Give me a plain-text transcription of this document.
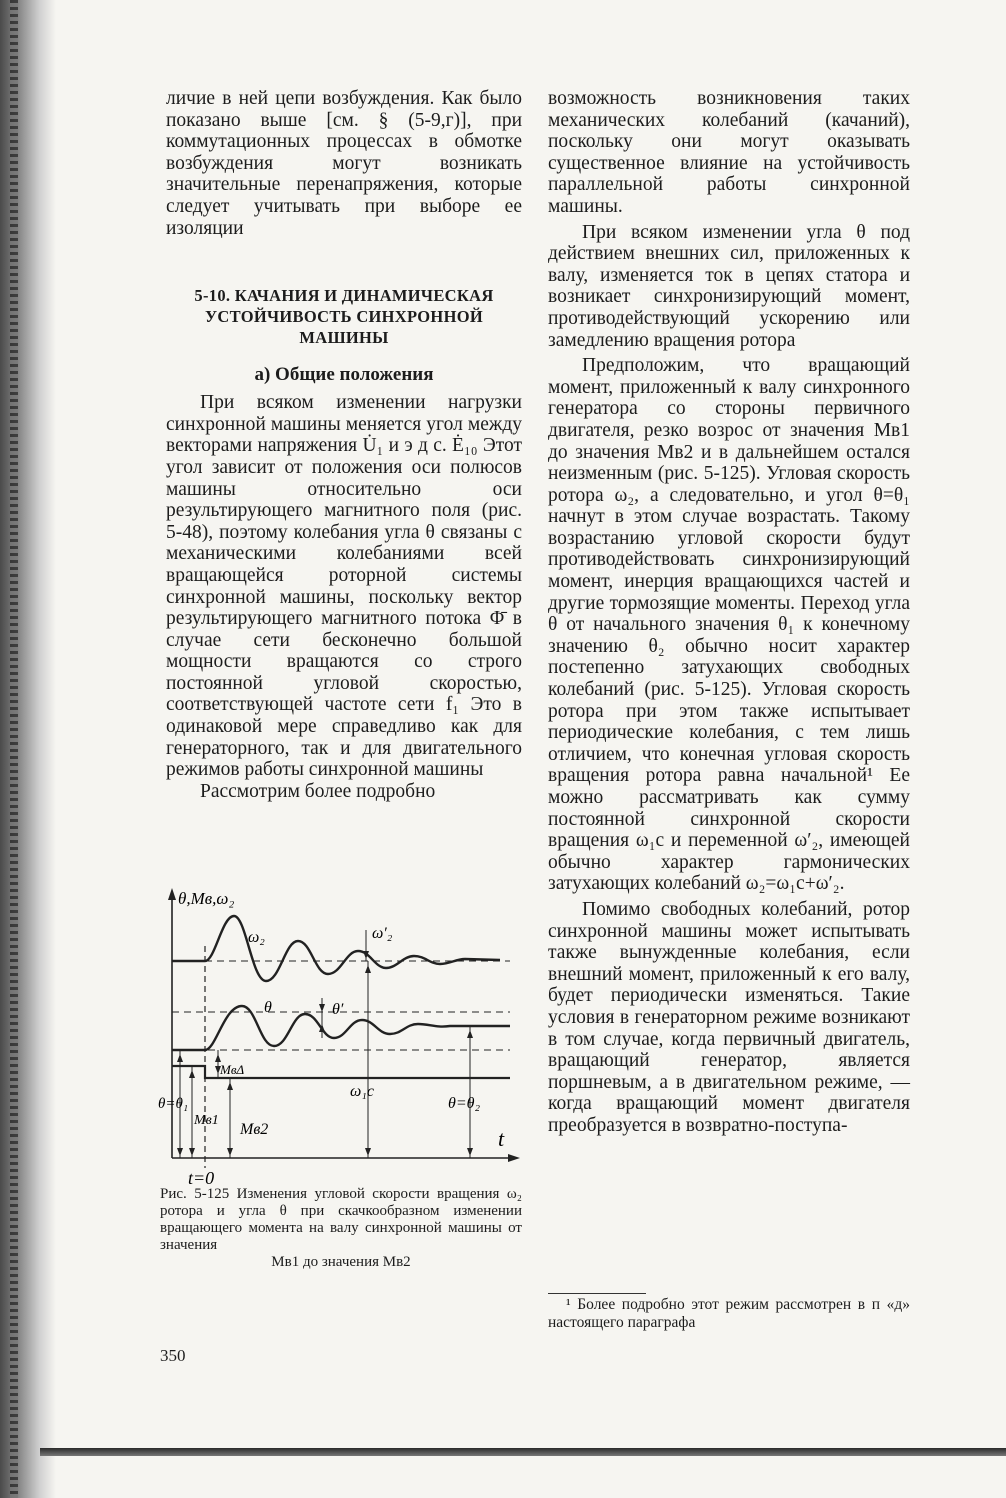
личие в ней цепи возбуждения. Как было показано выше [см. § (5-9,г)], при коммутационных процессах в обмотке возбуждения могут возникать значительные перенапряжения, которые следует учитывать при выборе ее изоляции

5-10. КАЧАНИЯ И ДИНАМИЧЕСКАЯ
УСТОЙЧИВОСТЬ СИНХРОННОЙ
МАШИНЫ
а) Общие положения

При всяком изменении нагрузки синхронной машины меняется угол между векторами напряжения U̇₁ и э д с. Ė₁₀ Этот угол зависит от положения оси полюсов машины относительно оси результирующего магнитного поля (рис. 5-48), поэтому колебания угла θ связаны с механическими колебаниями всей вращающейся роторной системы синхронной машины, поскольку вектор результирующего магнитного потока Φ̄ в случае сети бесконечно большой мощности вращаются со строго постоянной угловой скоростью, соответствующей частоте сети f₁ Это в одинаковой мере справедливо как для генераторного, так и для двигательного режимов работы синхронной машины

Рассмотрим более подробно

θ,Mв,ω₂
t
t=0
ω₂	ω′₂
θ	θ′
MвΔ
ω₁с
θ=θ₁	θ=θ₂
Mв1
Mв2
Рис. 5-125 Изменения угловой скорости вращения ω₂ ротора и угла θ при скачкообразном изменении вращающего момента на валу синхронной машины от значения
Mв1 до значения Mв2

возможность возникновения таких механических колебаний (качаний), поскольку они могут оказывать существенное влияние на устойчивость параллельной работы синхронной машины.

При всяком изменении угла θ под действием внешних сил, приложенных к валу, изменяется ток в цепях статора и возникает синхронизирующий момент, противодействующий ускорению или замедлению вращения ротора

Предположим, что вращающий момент, приложенный к валу синхронного генератора со стороны первичного двигателя, резко возрос от значения Mв1 до значения Mв2 и в дальнейшем остался неизменным (рис. 5-125). Угловая скорость ротора ω₂, а следовательно, и угол θ=θ₁ начнут в этом случае возрастать. Такому возрастанию угловой скорости будут противодействовать синхронизирующий момент, инерция вращающихся частей и другие тормозящие моменты. Переход угла θ от начального значения θ₁ к конечному значению θ₂ обычно носит характер постепенно затухающих свободных колебаний (рис. 5-125). Угловая скорость ротора при этом также испытывает периодические колебания, с тем лишь отличием, что конечная угловая скорость вращения ротора равна начальной¹ Ее можно рассматривать как сумму постоянной синхронной скорости вращения ω₁с и переменной ω′₂, имеющей обычно характер гармонических затухающих колебаний ω₂=ω₁с+ω′₂.

Помимо свободных колебаний, ротор синхронной машины может испытывать также вынужденные колебания, если внешний момент, приложенный к его валу, будет периодически изменяться. Такие условия в генераторном режиме возникают в том случае, когда первичный двигатель, вращающий генератор, является поршневым, а в двигательном режиме, — когда вращающий момент двигателя преобразуется в возвратно-поступа-

¹ Более подробно этот режим рассмотрен в п «д» настоящего параграфа
350
